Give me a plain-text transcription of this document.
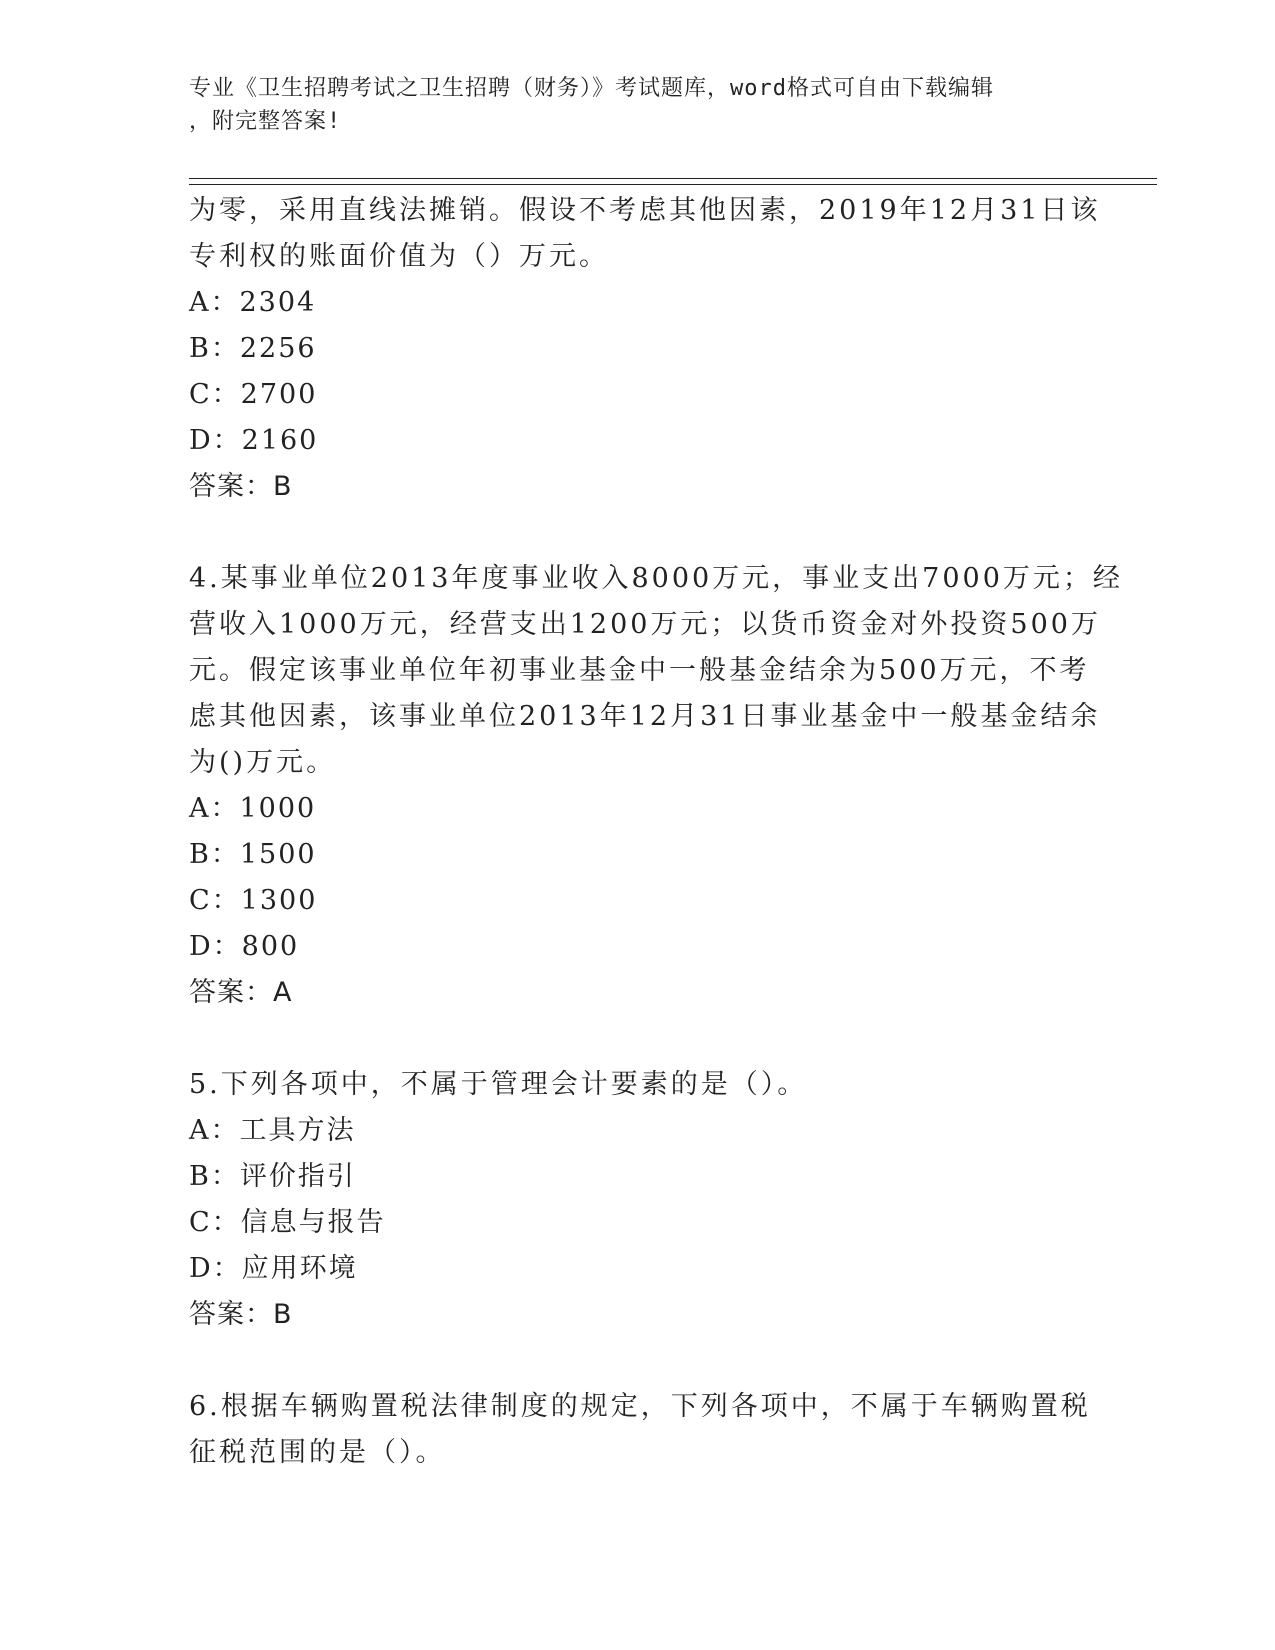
专业《卫生招聘考试之卫生招聘（财务）》考试题库，word格式可自由下载编辑
，附完整答案!
为零，采用直线法摊销。假设不考虑其他因素，2019年12月31日该
专利权的账面价值为（）万元。
A：2304
B：2256
C：2700
D：2160
答案：B
4.某事业单位2013年度事业收入8000万元，事业支出7000万元；经
营收入1000万元，经营支出1200万元；以货币资金对外投资500万
元。假定该事业单位年初事业基金中一般基金结余为500万元，不考
虑其他因素，该事业单位2013年12月31日事业基金中一般基金结余
为()万元。
A：1000
B：1500
C：1300
D：800
答案：A
5.下列各项中，不属于管理会计要素的是（）。
A：工具方法
B：评价指引
C：信息与报告
D：应用环境
答案：B
6.根据车辆购置税法律制度的规定，下列各项中，不属于车辆购置税
征税范围的是（）。
